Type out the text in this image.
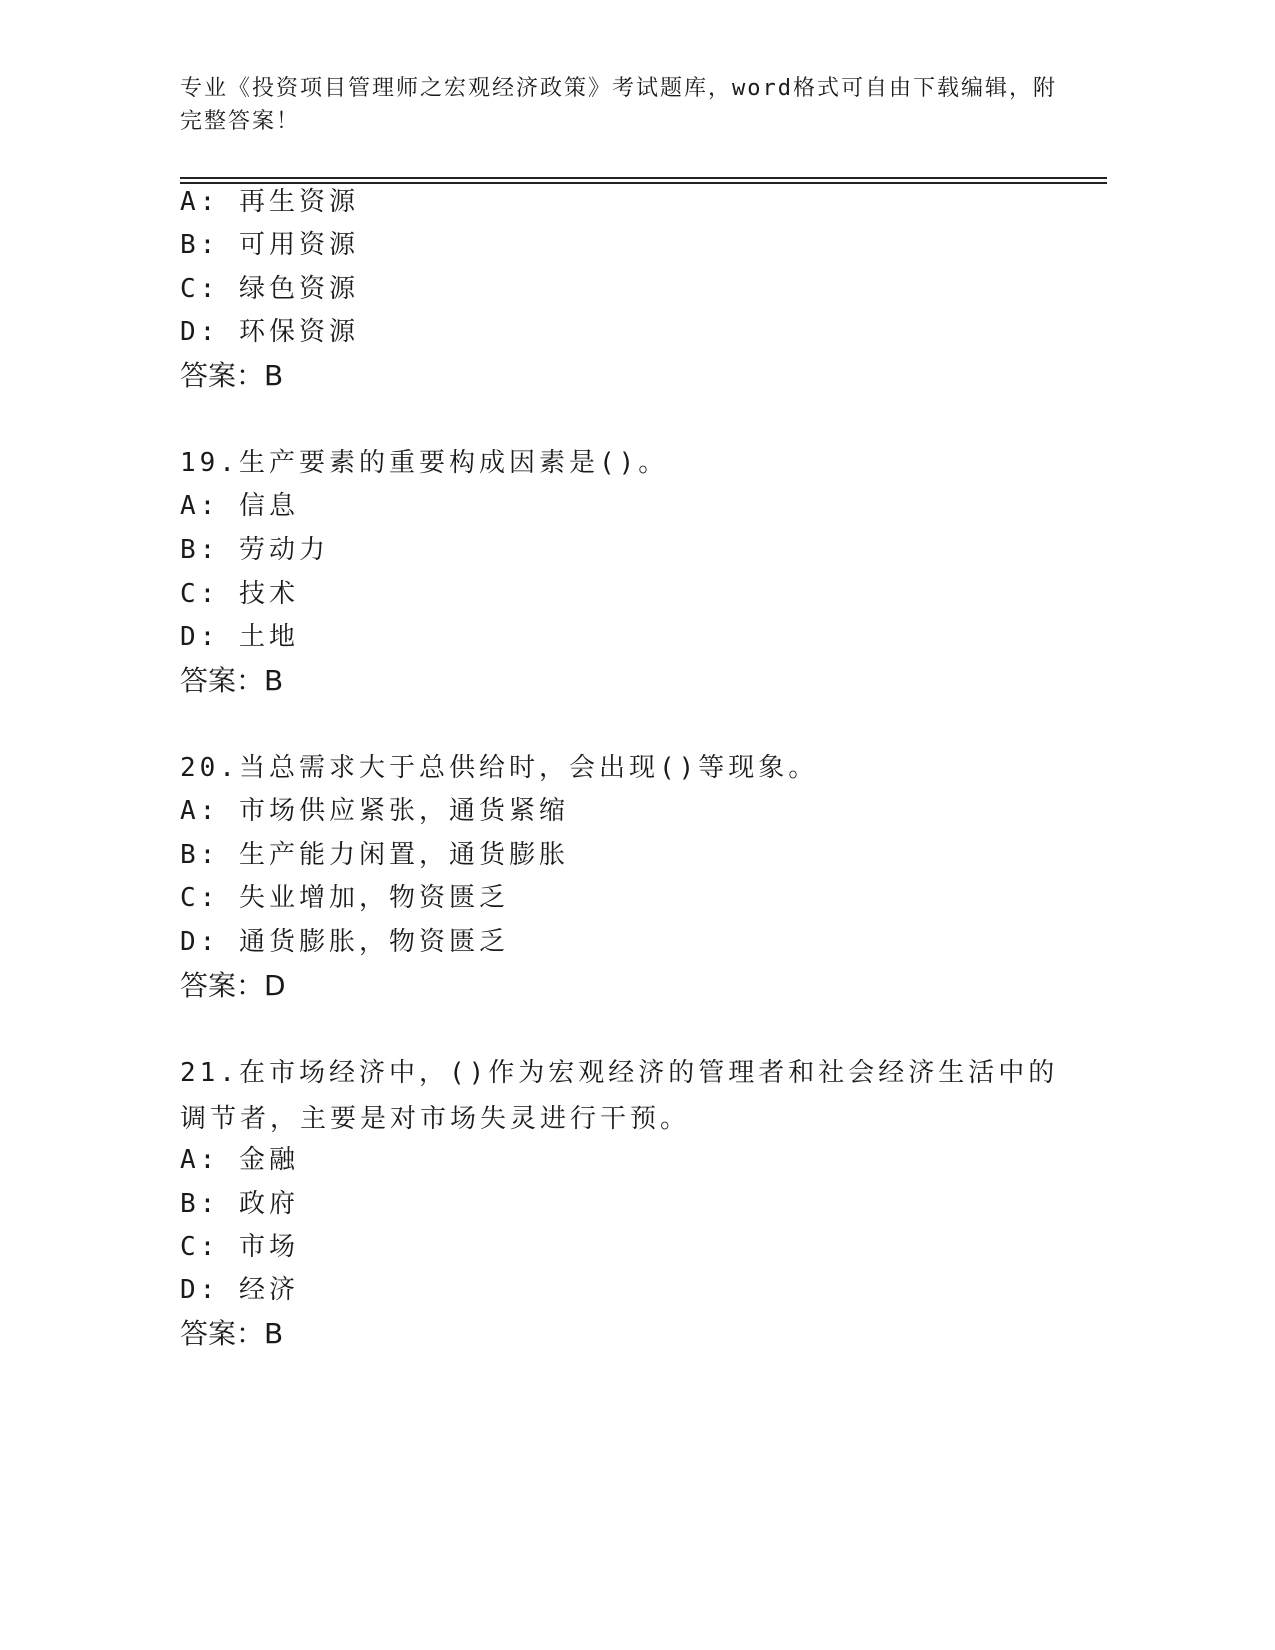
专业《投资项目管理师之宏观经济政策》考试题库，word格式可自由下载编辑，附完整答案！
A: 再生资源
B: 可用资源
C: 绿色资源
D: 环保资源
答案：B
19.生产要素的重要构成因素是()。
A: 信息
B: 劳动力
C: 技术
D: 土地
答案：B
20.当总需求大于总供给时，会出现()等现象。
A: 市场供应紧张，通货紧缩
B: 生产能力闲置，通货膨胀
C: 失业增加，物资匮乏
D: 通货膨胀，物资匮乏
答案：D
21.在市场经济中，()作为宏观经济的管理者和社会经济生活中的调节者，主要是对市场失灵进行干预。
A: 金融
B: 政府
C: 市场
D: 经济
答案：B
